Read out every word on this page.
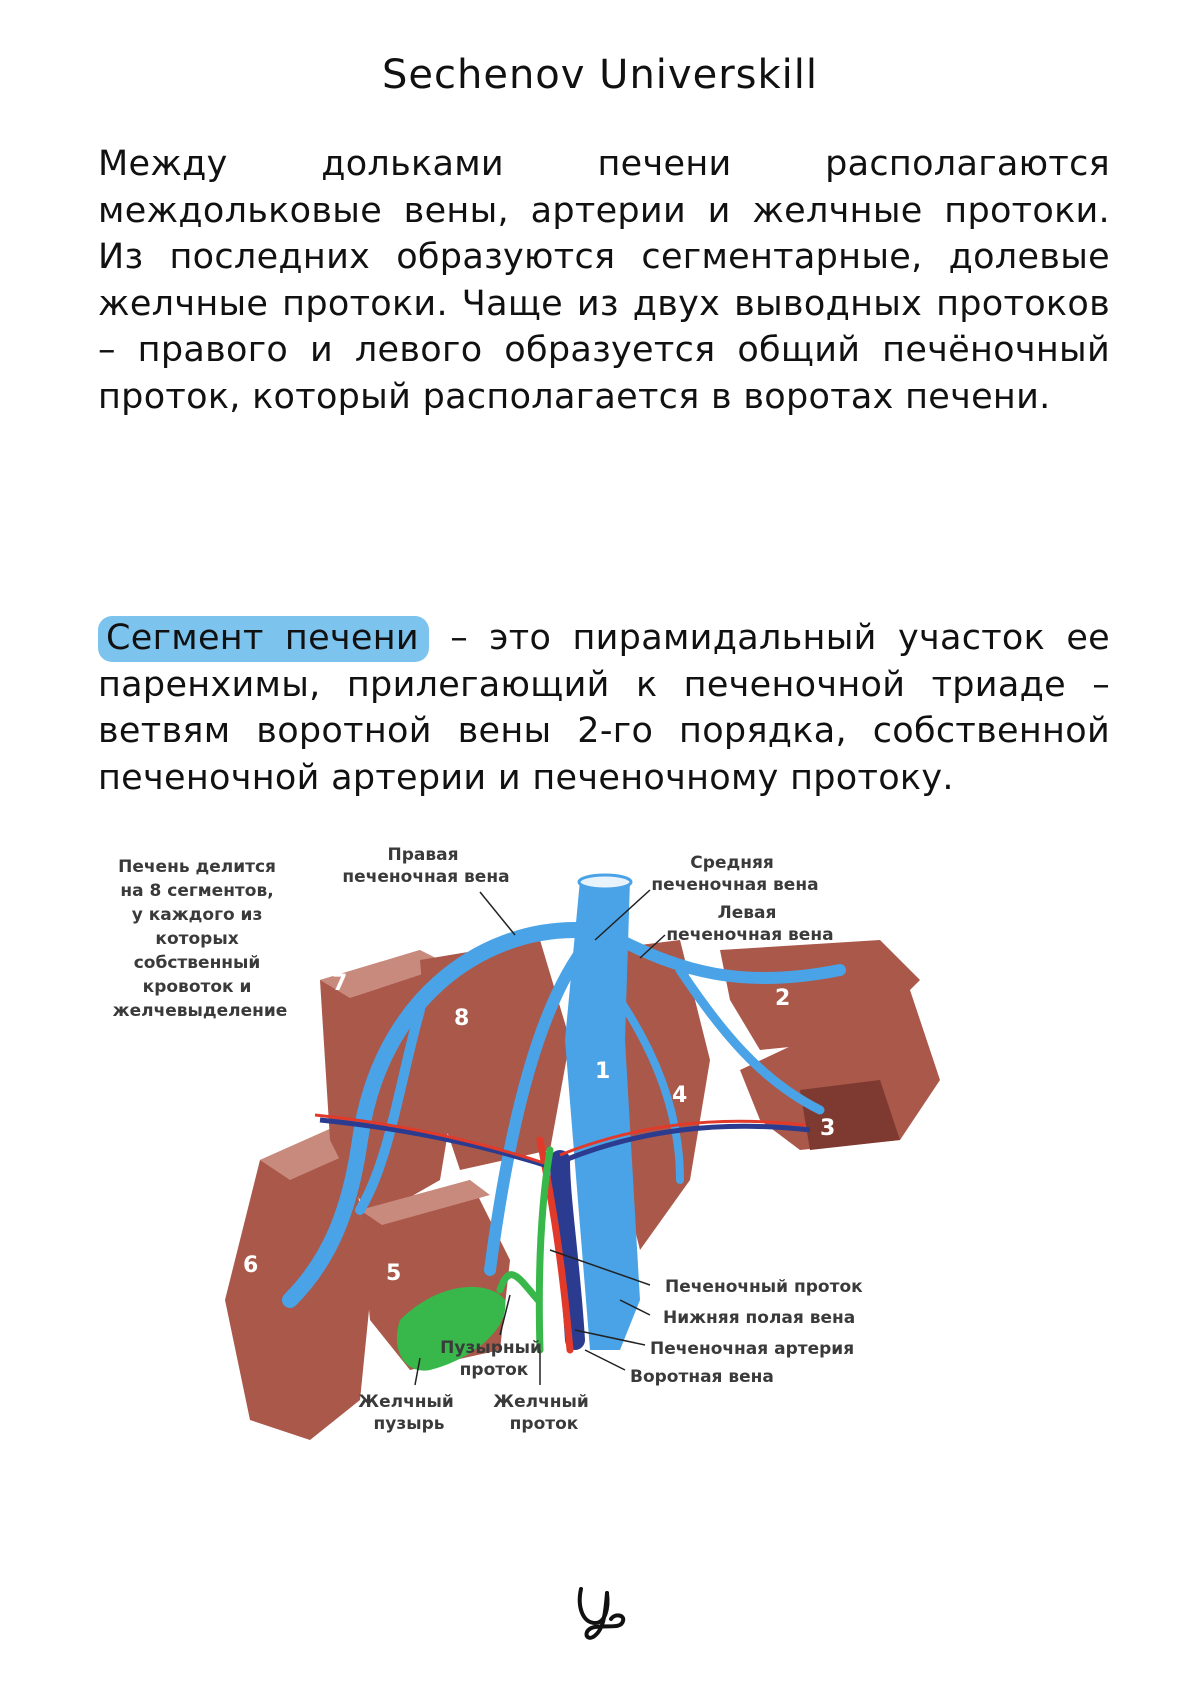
Sechenov Universkill
Между дольками печени располагаются междольковые вены, артерии и желчные протоки. Из последних образуются сегментарные, долевые желчные протоки. Чаще из двух выводных протоков – правого и левого образуется общий печёночный проток, который располагается в воротах печени.
Сегмент печени – это пирамидальный участок ее паренхимы, прилегающий к печеночной триаде – ветвям воротной вены 2-го порядка, собственной печеночной артерии и печеночному протоку.
1
2
3
4
5
6
7
8
Печень делится на 8 сегментов, у каждого из которых собственный кровоток и желчевыделение
Правая печеночная вена
Средняя печеночная вена
Левая печеночная вена
Печеночный проток
Нижняя полая вена
Печеночная артерия
Воротная вена
Пузырный проток
Желчный пузырь
Желчный проток
